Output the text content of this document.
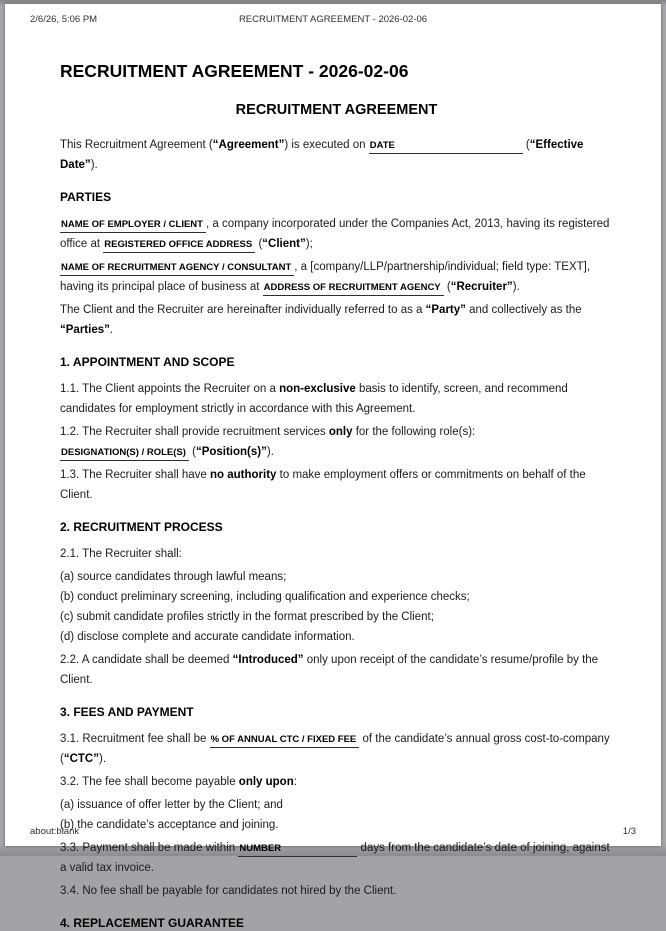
2/6/26, 5:06 PM	RECRUITMENT AGREEMENT - 2026-02-06
RECRUITMENT AGREEMENT - 2026-02-06
RECRUITMENT AGREEMENT

This Recruitment Agreement (“Agreement”) is executed on DATE	(“Effective Date”).

PARTIES

NAME OF EMPLOYER / CLIENT , a company incorporated under the Companies Act, 2013, having its registered office at REGISTERED OFFICE ADDRESS (“Client”);

NAME OF RECRUITMENT AGENCY / CONSULTANT , a [company/LLP/partnership/individual; field type: TEXT], having its principal place of business at ADDRESS OF RECRUITMENT AGENCY (“Recruiter”).

The Client and the Recruiter are hereinafter individually referred to as a “Party” and collectively as the “Parties”.

1. APPOINTMENT AND SCOPE

1.1. The Client appoints the Recruiter on a non-exclusive basis to identify, screen, and recommend candidates for employment strictly in accordance with this Agreement.

1.2. The Recruiter shall provide recruitment services only for the following role(s):
DESIGNATION(S) / ROLE(S) (“Position(s)”).

1.3. The Recruiter shall have no authority to make employment offers or commitments on behalf of the Client.

2. RECRUITMENT PROCESS

2.1. The Recruiter shall:

(a) source candidates through lawful means;

(b) conduct preliminary screening, including qualification and experience checks;

(c) submit candidate profiles strictly in the format prescribed by the Client;

(d) disclose complete and accurate candidate information.

2.2. A candidate shall be deemed “Introduced” only upon receipt of the candidate’s resume/profile by the Client.

3. FEES AND PAYMENT

3.1. Recruitment fee shall be % OF ANNUAL CTC / FIXED FEE of the candidate’s annual gross cost-to-company (“CTC”).

3.2. The fee shall become payable only upon:

(a) issuance of offer letter by the Client; and

(b) the candidate’s acceptance and joining.

3.3. Payment shall be made within NUMBER	days from the candidate’s date of joining, against a valid tax invoice.

3.4. No fee shall be payable for candidates not hired by the Client.

4. REPLACEMENT GUARANTEE
about:blank	1/3
